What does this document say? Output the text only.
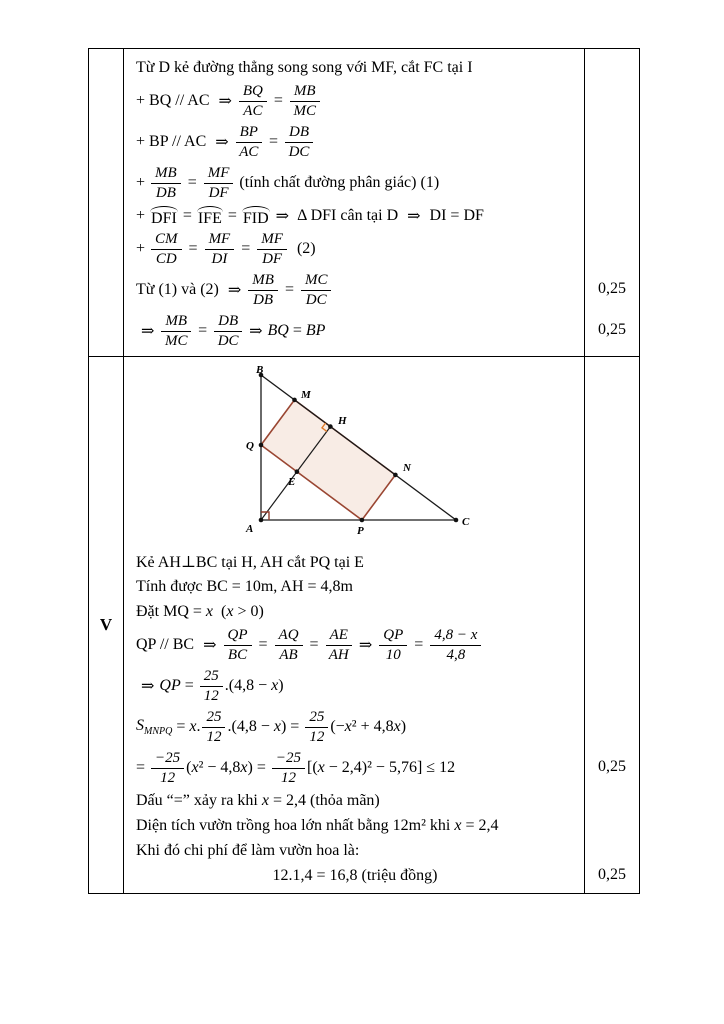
Từ D kẻ đường thẳng song song với MF, cắt FC tại I
+ BQ // AC ⇒ $\frac{BQ}{AC} = \frac{MB}{MC}$
+ BP // AC ⇒ $\frac{BP}{AC} = \frac{DB}{DC}$
+ $\frac{MB}{DB} = \frac{MF}{DF}$ (tính chất đường phân giác) (1)
+ DFI = IFE = FID ⇒ Δ DFI cân tại D ⇒ DI = DF
+ $\frac{CM}{CD} = \frac{MF}{DI} = \frac{MF}{DF} (2)$
Từ (1) và (2) ⇒ $\frac{MB}{DB} = \frac{MC}{DC}$
⇒ $\frac{MB}{MC} = \frac{DB}{DC}$ ⇒ BQ = BP
0,25
0,25
V
B
M
H
Q
E
N
A	P
C
Kẻ AH⊥BC tại H, AH cắt PQ tại E
Tính được BC = 10m, AH = 4,8m
Đặt MQ = x ( x > 0)
QP // BC ⇒ $\frac{QP}{BC} = \frac{AQ}{AB} = \frac{AE}{AH}$ ⇒ $\frac{QP}{10} = \frac{4,8 - x}{4,8}$
⇒ QP = $\frac{25}{12} .(4,8 - x$ )
$S_{MNPQ} = x$ . $\frac{25}{12} .(4,8 - x$ ) = $\frac{25}{12}$ (− x ² + 4,8 x )
= $\frac{-25}{12}$ ( x ² − 4,8 x ) = $\frac{-25}{12}$ [( x − 2,4)² − 5,76] ≤ 12
Dấu “=” xảy ra khi x = 2,4 (thỏa mãn)
Diện tích vườn trồng hoa lớn nhất bằng 12m² khi x = 2,4
Khi đó chi phí để làm vườn hoa là:
12.1,4 = 16,8 (triệu đồng)
0,25
0,25
